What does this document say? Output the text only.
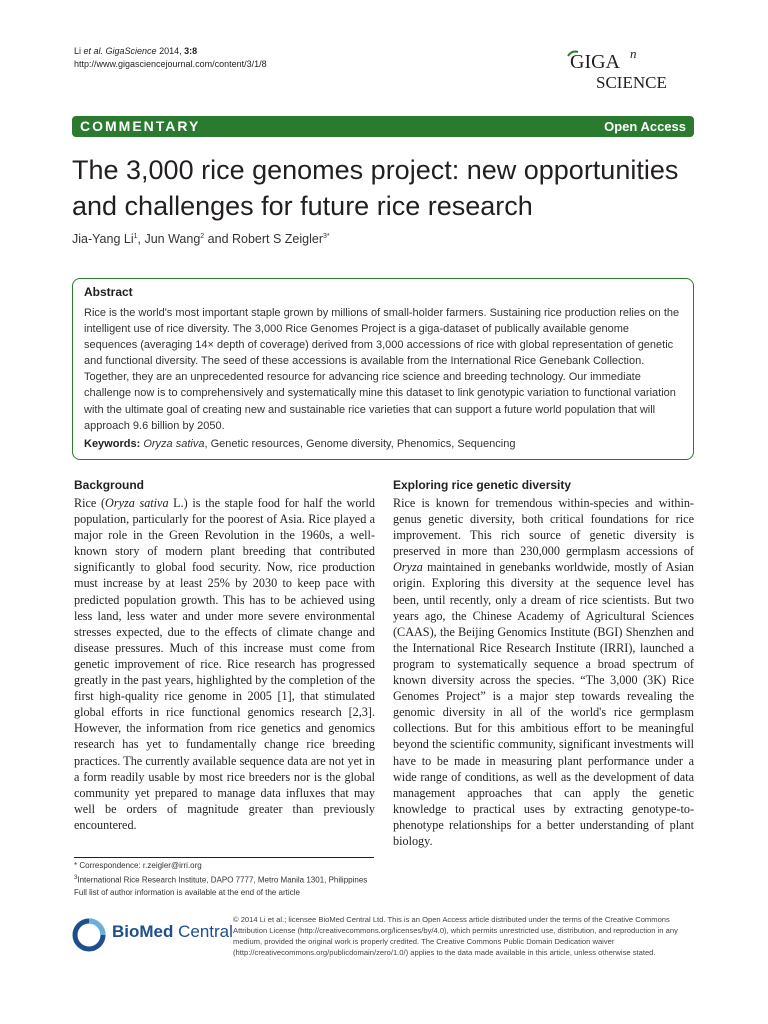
Li et al. GigaScience 2014, 3:8
http://www.gigasciencejournal.com/content/3/1/8	GIGA n
SCIENCE
COMMENTARY	Open Access
The 3,000 rice genomes project: new opportunities and challenges for future rice research
Jia-Yang Li$^1$, Jun Wang$^2$ and Robert S Zeigler$^{3*}$
Abstract
Rice is the world's most important staple grown by millions of small-holder farmers. Sustaining rice production relies on the intelligent use of rice diversity. The 3,000 Rice Genomes Project is a giga-dataset of publically available genome sequences (averaging 14× depth of coverage) derived from 3,000 accessions of rice with global representation of genetic and functional diversity. The seed of these accessions is available from the International Rice Genebank Collection. Together, they are an unprecedented resource for advancing rice science and breeding technology. Our immediate challenge now is to comprehensively and systematically mine this dataset to link genotypic variation to functional variation with the ultimate goal of creating new and sustainable rice varieties that can support a future world population that will approach 9.6 billion by 2050.
Keywords: Oryza sativa, Genetic resources, Genome diversity, Phenomics, Sequencing
Background
Rice (Oryza sativa L.) is the staple food for half the world population, particularly for the poorest of Asia. Rice played a major role in the Green Revolution in the 1960s, a well-known story of modern plant breeding that contributed significantly to global food security. Now, rice production must increase by at least 25% by 2030 to keep pace with predicted population growth. This has to be achieved using less land, less water and under more severe environmental stresses expected, due to the effects of climate change and disease pressures. Much of this increase must come from genetic improvement of rice. Rice research has progressed greatly in the past years, highlighted by the completion of the first high-quality rice genome in 2005 [1], that stimulated global efforts in rice functional genomics research [2,3]. However, the information from rice genetics and genomics research has yet to fundamentally change rice breeding practices. The currently available sequence data are not yet in a form readily usable by most rice breeders nor is the global community yet prepared to manage data influxes that may well be orders of magnitude greater than previously encountered.
Exploring rice genetic diversity
Rice is known for tremendous within-species and within-genus genetic diversity, both critical foundations for rice improvement. This rich source of genetic diversity is preserved in more than 230,000 germplasm accessions of Oryza maintained in genebanks worldwide, mostly of Asian origin. Exploring this diversity at the sequence level has been, until recently, only a dream of rice scientists. But two years ago, the Chinese Academy of Agricultural Sciences (CAAS), the Beijing Genomics Institute (BGI) Shenzhen and the International Rice Research Institute (IRRI), launched a program to systematically sequence a broad spectrum of known diversity across the species. “The 3,000 (3K) Rice Genomes Project” is a major step towards revealing the genomic diversity in all of the world's rice germplasm collections. But for this ambitious effort to be meaningful beyond the scientific community, significant investments will have to be made in measuring plant performance under a wide range of conditions, as well as the development of data management approaches that can apply the genetic knowledge to practical uses by extracting genotype-to-phenotype relationships for a better understanding of plant biology.
* Correspondence: r.zeigler@irri.org
$^3$International Rice Research Institute, DAPO 7777, Metro Manila 1301, Philippines
Full list of author information is available at the end of the article
BioMed Central
© 2014 Li et al.; licensee BioMed Central Ltd. This is an Open Access article distributed under the terms of the Creative Commons Attribution License (http://creativecommons.org/licenses/by/4.0), which permits unrestricted use, distribution, and reproduction in any medium, provided the original work is properly credited. The Creative Commons Public Domain Dedication waiver (http://creativecommons.org/publicdomain/zero/1.0/) applies to the data made available in this article, unless otherwise stated.
